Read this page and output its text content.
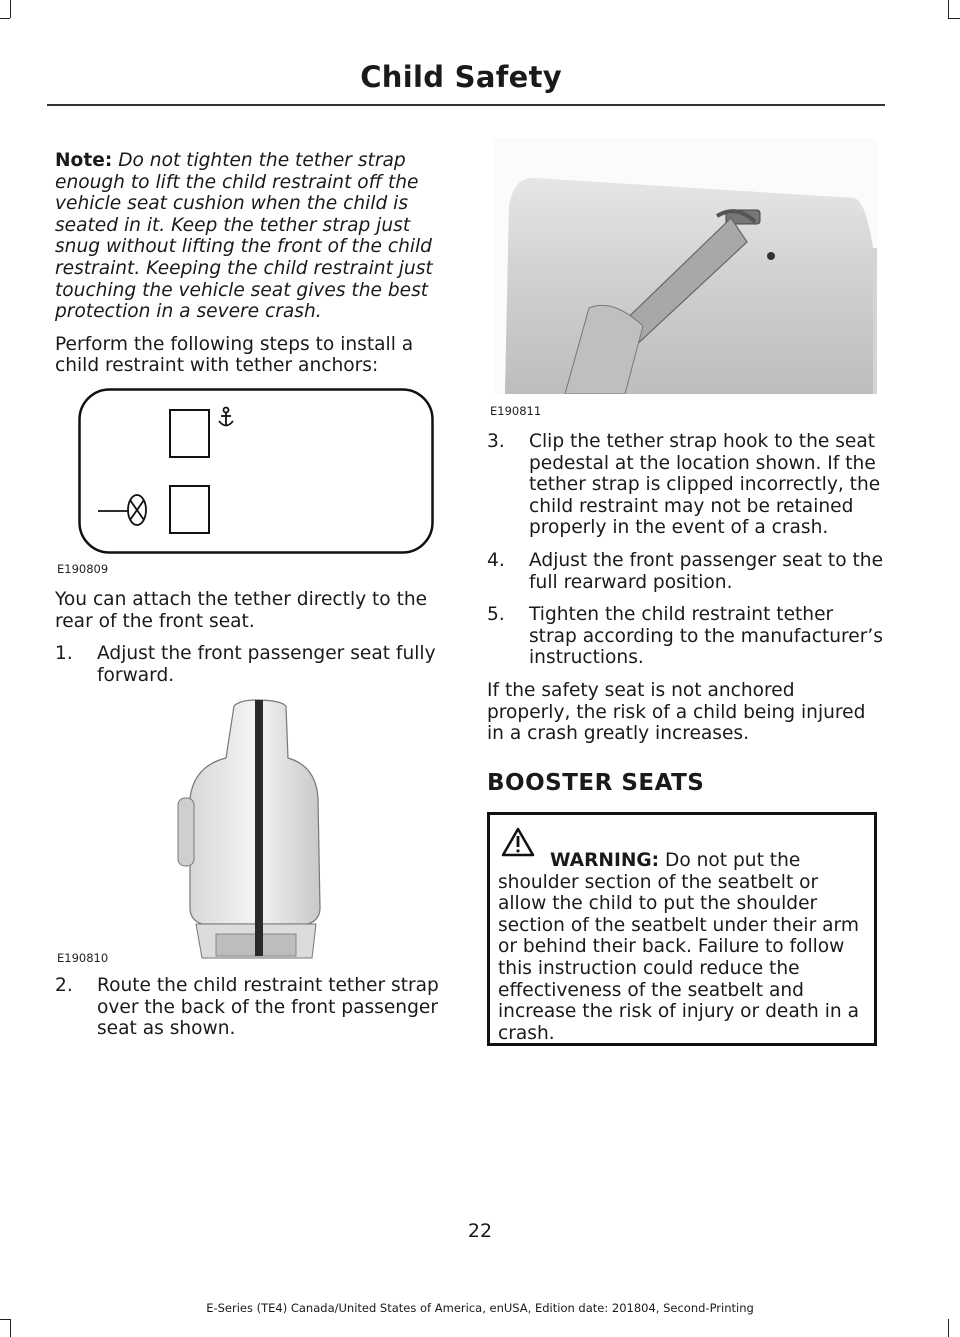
Child Safety

Note: Do not tighten the tether strap enough to lift the child restraint off the vehicle seat cushion when the child is seated in it. Keep the tether strap just snug without lifting the front of the child restraint. Keeping the child restraint just touching the vehicle seat gives the best protection in a severe crash.

Perform the following steps to install a child restraint with tether anchors:

E190809

You can attach the tether directly to the rear of the front seat.

1. Adjust the front passenger seat fully forward.
E190810
2. Route the child restraint tether strap over the back of the front passenger seat as shown.
E190811
3. Clip the tether strap hook to the seat pedestal at the location shown. If the tether strap is clipped incorrectly, the child restraint may not be retained properly in the event of a crash.
4. Adjust the front passenger seat to the full rearward position.
5. Tighten the child restraint tether strap according to the manufacturer’s instructions.

If the safety seat is not anchored properly, the risk of a child being injured in a crash greatly increases.

BOOSTER SEATS
WARNING: Do not put the shoulder section of the seatbelt or allow the child to put the shoulder section of the seatbelt under their arm or behind their back. Failure to follow this instruction could reduce the effectiveness of the seatbelt and increase the risk of injury or death in a crash.
22
E-Series (TE4) Canada/United States of America, enUSA, Edition date: 201804, Second-Printing
